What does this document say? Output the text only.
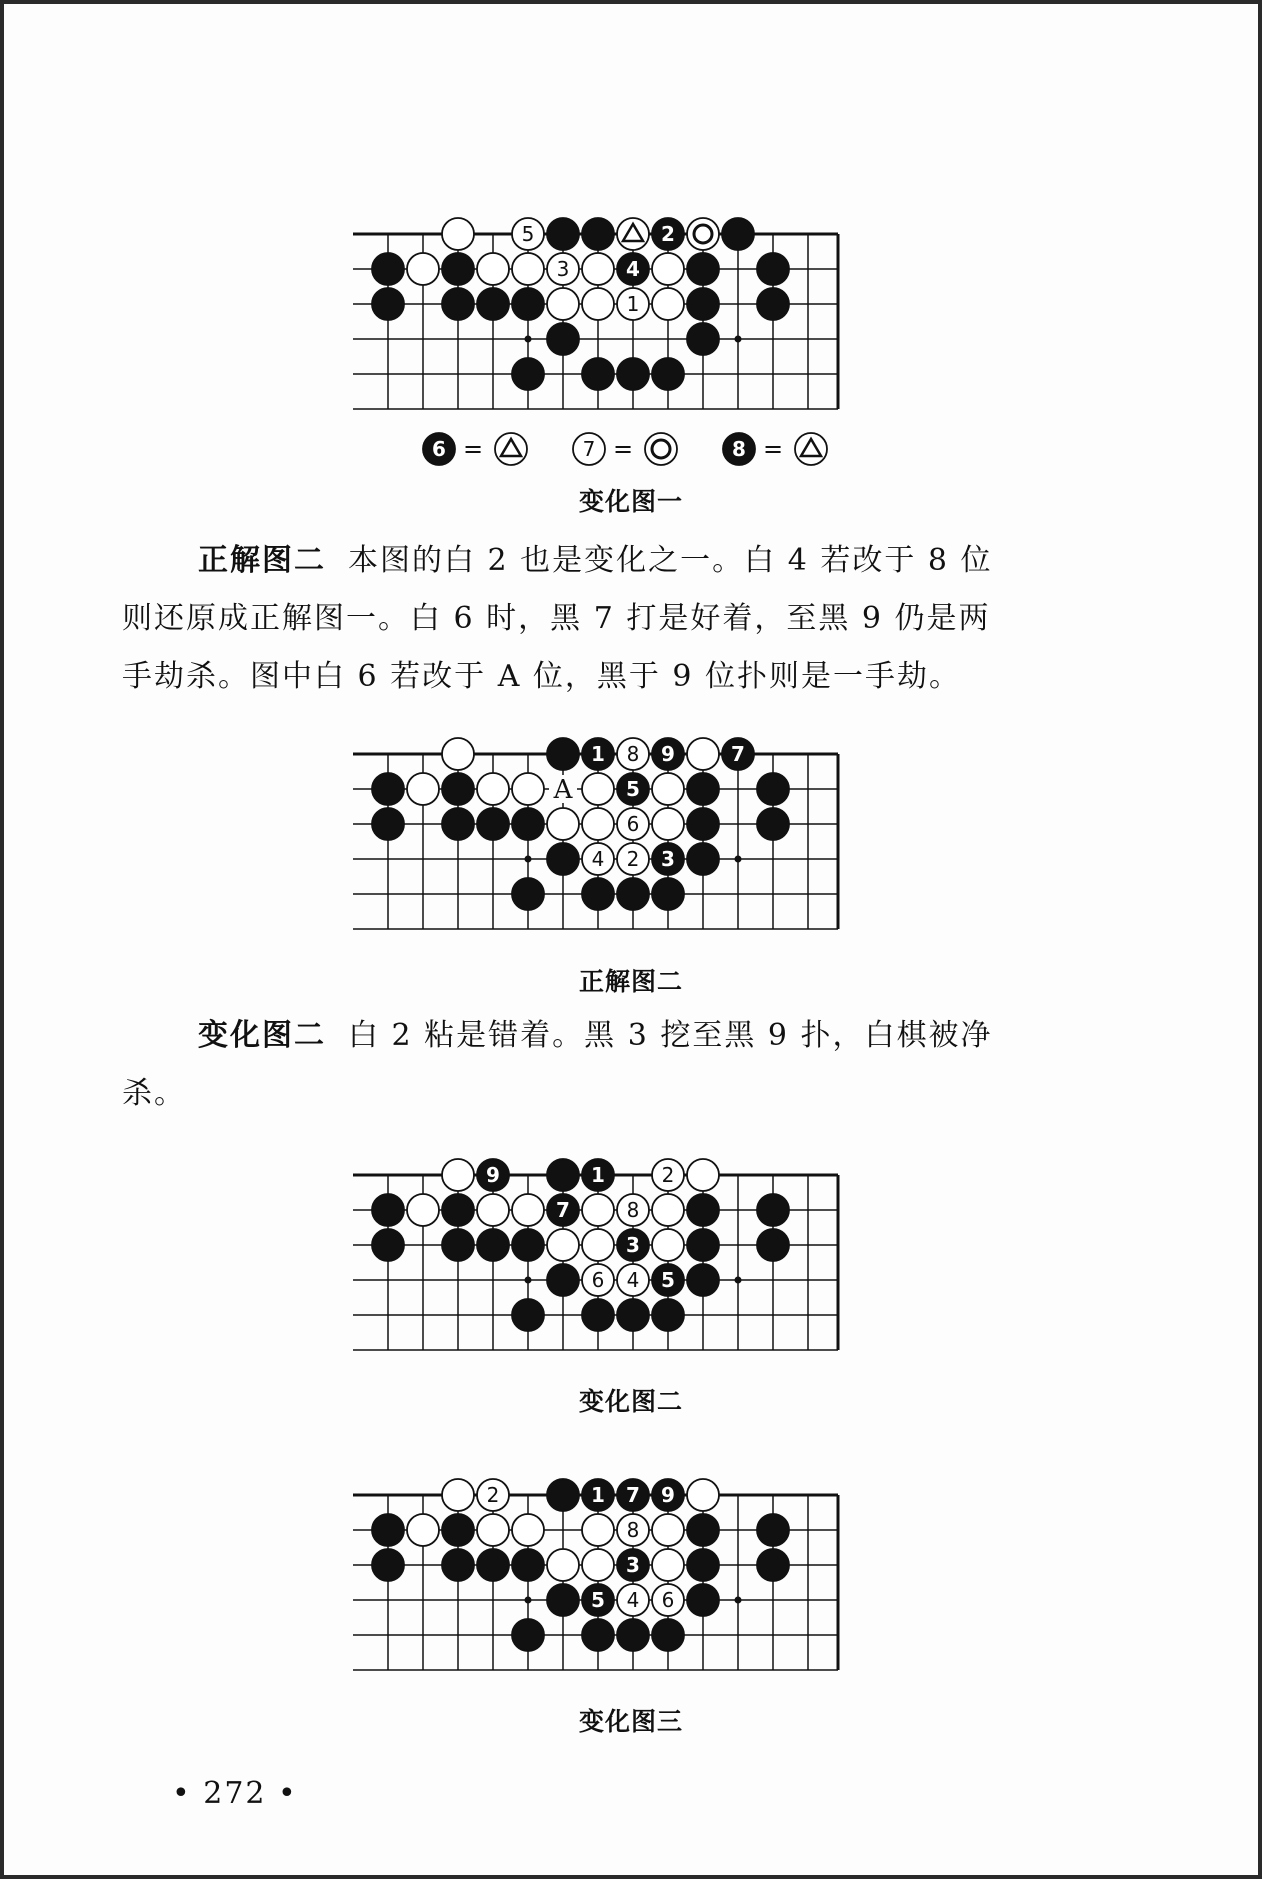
5	2
3	4
1
6 =	7 =	8 =
变化图一
正解图二 本图的白 2 也是变化之一。白 4 若改于 8 位
则还原成正解图一。白 6 时，黑 7 打是好着，至黑 9 仍是两
手劫杀。图中白 6 若改于 A 位，黑于 9 位扑则是一手劫。
1 8 9	7
5
6
4 2 3
A
正解图二
变化图二 白 2 粘是错着。黑 3 挖至黑 9 扑，白棋被净
杀。
9	1	2
7	8
3
6 4 5
变化图二
2	1 7 9
8
3
5 4 6
变化图三
• 272 •
